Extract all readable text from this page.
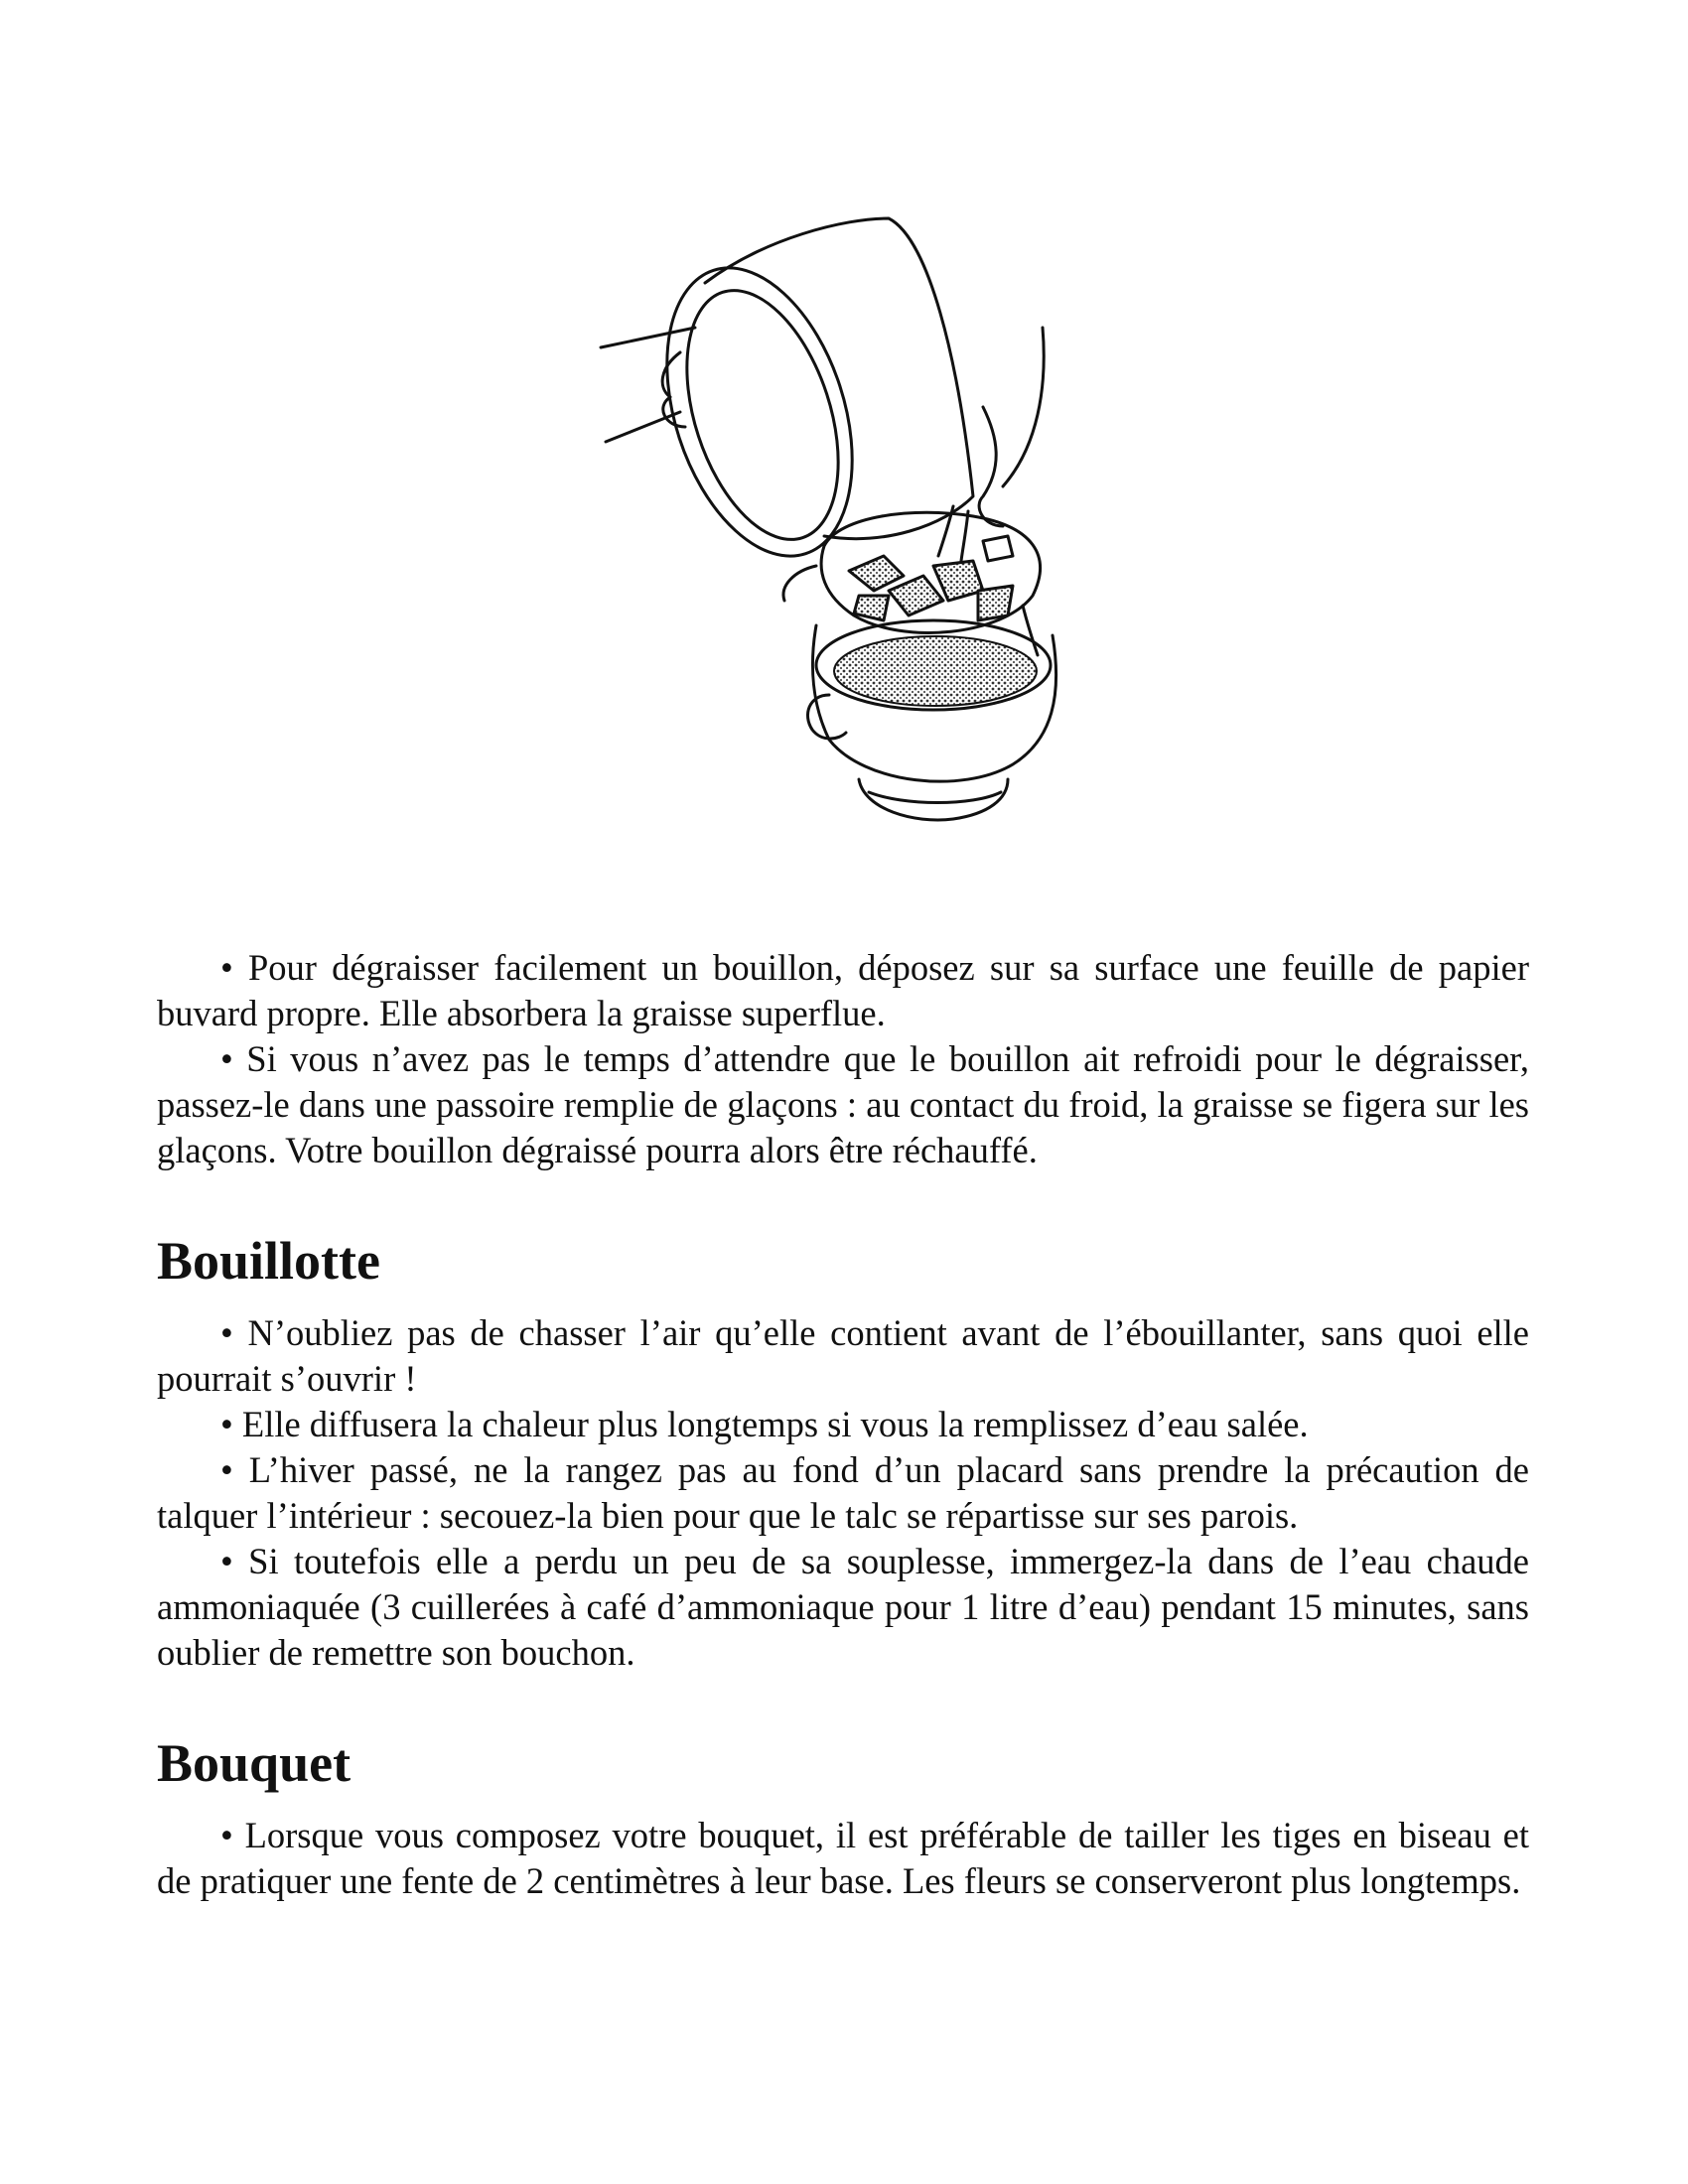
• Pour dégraisser facilement un bouillon, déposez sur sa surface une feuille de papier buvard propre. Elle absorbera la graisse superflue.

• Si vous n’avez pas le temps d’attendre que le bouillon ait refroidi pour le dégraisser, passez-le dans une passoire remplie de glaçons : au contact du froid, la graisse se figera sur les glaçons. Votre bouillon dégraissé pourra alors être réchauffé.

Bouillotte

• N’oubliez pas de chasser l’air qu’elle contient avant de l’ébouillanter, sans quoi elle pourrait s’ouvrir !

• Elle diffusera la chaleur plus longtemps si vous la remplissez d’eau salée.

• L’hiver passé, ne la rangez pas au fond d’un placard sans prendre la précaution de talquer l’intérieur : secouez-la bien pour que le talc se répartisse sur ses parois.

• Si toutefois elle a perdu un peu de sa souplesse, immergez-la dans de l’eau chaude ammoniaquée (3 cuillerées à café d’ammoniaque pour 1 litre d’eau) pendant 15 minutes, sans oublier de remettre son bouchon.

Bouquet

• Lorsque vous composez votre bouquet, il est préférable de tailler les tiges en biseau et de pratiquer une fente de 2 centimètres à leur base. Les fleurs se conserveront plus longtemps.
